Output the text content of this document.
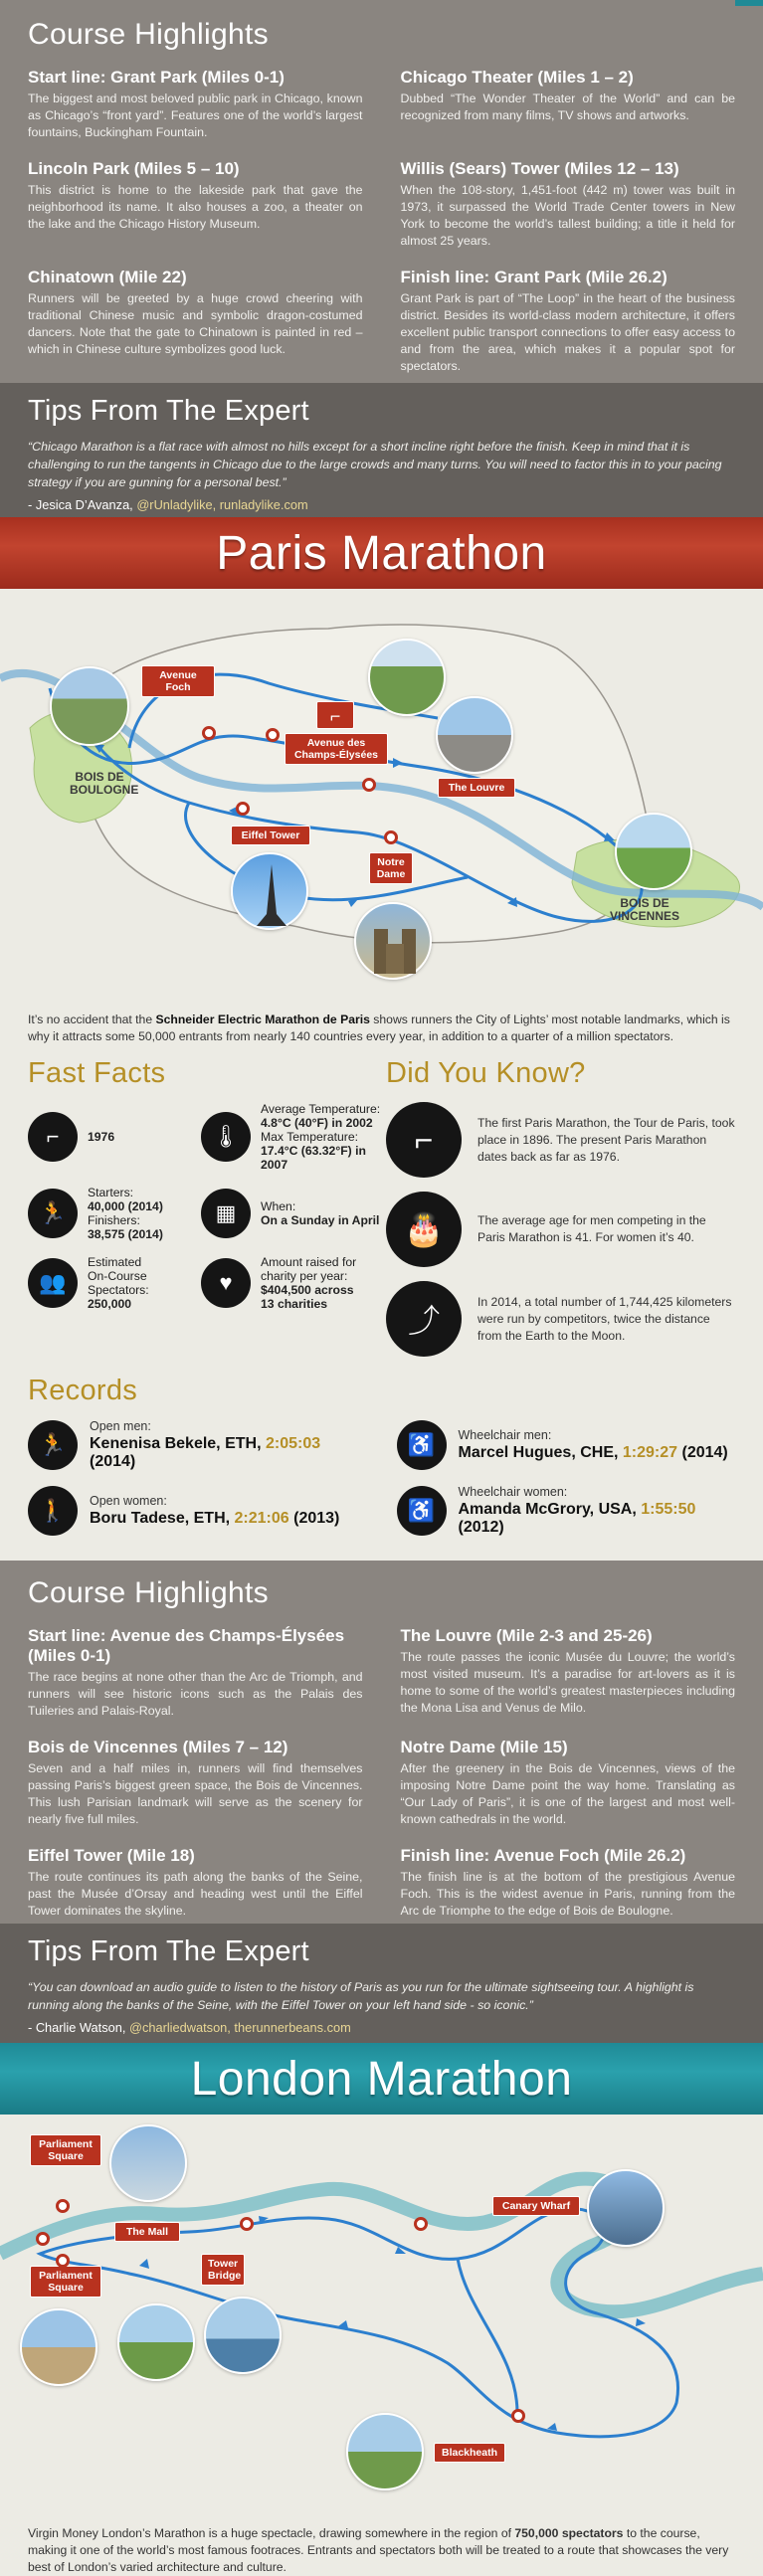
Course Highlights
Start line: Grant Park (Miles 0-1)

The biggest and most beloved public park in Chicago, known as Chicago’s “front yard”. Features one of the world’s largest fountains, Buckingham Fountain.

Chicago Theater (Miles 1 – 2)

Dubbed “The Wonder Theater of the World” and can be recognized from many films, TV shows and artworks.

Lincoln Park (Miles 5 – 10)

This district is home to the lakeside park that gave the neighborhood its name. It also houses a zoo, a theater on the lake and the Chicago History Museum.

Willis (Sears) Tower (Miles 12 – 13)

When the 108-story, 1,451-foot (442 m) tower was built in 1973, it surpassed the World Trade Center towers in New York to become the world’s tallest building; a title it held for almost 25 years.

Chinatown (Mile 22)

Runners will be greeted by a huge crowd cheering with traditional Chinese music and symbolic dragon-costumed dancers. Note that the gate to Chinatown is painted in red – which in Chinese culture symbolizes good luck.

Finish line: Grant Park (Mile 26.2)

Grant Park is part of “The Loop” in the heart of the business district. Besides its world-class modern architecture, it offers excellent public transport connections to offer easy access to and from the area, which makes it a popular spot for spectators.

Tips From The Expert

“Chicago Marathon is a flat race with almost no hills except for a short incline right before the finish. Keep in mind that it is challenging to run the tangents in Chicago due to the large crowds and many turns. You will need to factor this in to your pacing strategy if you are gunning for a personal best.”

- Jesica D’Avanza, @rUnladylike, runladylike.com

Paris Marathon
Avenue Foch
Avenue des Champs-Élysées
⌐
The Louvre
Eiffel Tower
Notre Dame
BOIS DE BOULOGNE
BOIS DE VINCENNES

It’s no accident that the Schneider Electric Marathon de Paris shows runners the City of Lights’ most notable landmarks, which is why it attracts some 50,000 entrants from nearly 140 countries every year, in addition to a quarter of a million spectators.

Fast Facts
⌐ 1976	🌡
Average Temperature:
4.8°C (40°F) in 2002
Max Temperature:
17.4°C (63.32°F) in 2007
🏃
Starters:
40,000 (2014)
Finishers:
38,575 (2014)
▦ When:
On a Sunday in April
👥
Estimated
On-Course
Spectators:
250,000
♥
Amount raised for
charity per year:
$404,500 across
13 charities
Did You Know?
⌐	The first Paris Marathon, the Tour de Paris, took place in 1896. The present Paris Marathon dates back as far as 1976.

🎂	The average age for men competing in the Paris Marathon is 41. For women it’s 40.

⤴

In 2014, a total number of 1,744,425 kilometers were run by competitors, twice the distance from the Earth to the Moon.

Records
🏃
Open men:
Kenenisa Bekele, ETH, 2:05:03 (2014)
♿ Wheelchair men:
Marcel Hugues, CHE, 1:29:27 (2014)
🚶 Open women:
Boru Tadese, ETH, 2:21:06 (2013)	♿
Wheelchair women:
Amanda McGrory, USA, 1:55:50 (2012)
Course Highlights
Start line: Avenue des Champs-Élysées (Miles 0-1)

The race begins at none other than the Arc de Triomph, and runners will see historic icons such as the Palais des Tuileries and Palais-Royal.

The Louvre (Mile 2-3 and 25-26)

The route passes the iconic Musée du Louvre; the world’s most visited museum. It’s a paradise for art-lovers as it is home to some of the world’s greatest masterpieces including the Mona Lisa and Venus de Milo.

Bois de Vincennes (Miles 7 – 12)

Seven and a half miles in, runners will find themselves passing Paris’s biggest green space, the Bois de Vincennes. This lush Parisian landmark will serve as the scenery for nearly five full miles.

Notre Dame (Mile 15)

After the greenery in the Bois de Vincennes, views of the imposing Notre Dame point the way home. Translating as “Our Lady of Paris”, it is one of the largest and most well-known cathedrals in the world.

Eiffel Tower (Mile 18)

The route continues its path along the banks of the Seine, past the Musée d’Orsay and heading west until the Eiffel Tower dominates the skyline.

Finish line: Avenue Foch (Mile 26.2)

The finish line is at the bottom of the prestigious Avenue Foch. This is the widest avenue in Paris, running from the Arc de Triomphe to the edge of Bois de Boulogne.

Tips From The Expert

“You can download an audio guide to listen to the history of Paris as you run for the ultimate sightseeing tour. A highlight is running along the banks of the Seine, with the Eiffel Tower on your left hand side - so iconic.”

- Charlie Watson, @charliedwatson, therunnerbeans.com

London Marathon
Parliament Square
The Mall
Parliament Square
Tower Bridge
Canary Wharf
Blackheath

Virgin Money London’s Marathon is a huge spectacle, drawing somewhere in the region of 750,000 spectators to the course, making it one of the world’s most famous footraces. Entrants and spectators both will be treated to a route that showcases the very best of London’s varied architecture and culture.
